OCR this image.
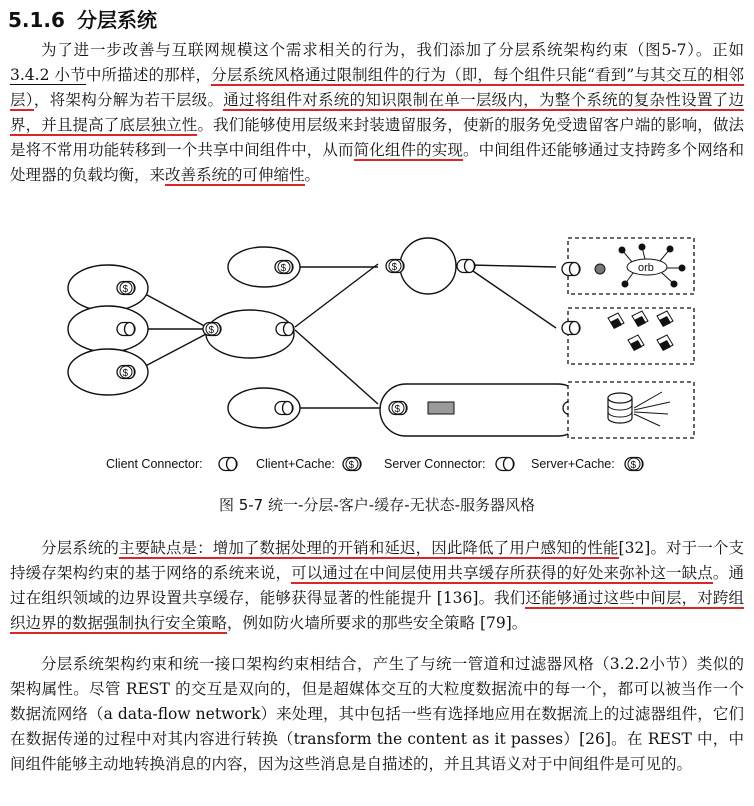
5.1.6 分层系统

为了进一步改善与互联网规模这个需求相关的行为，我们添加了分层系统架构约束（图5-7）。正如 3.4.2 小节中所描述的那样，分层系统风格通过限制组件的行为（即，每个组件只能“看到”与其交互的相邻层），将架构分解为若干层级。通过将组件对系统的知识限制在单一层级内，为整个系统的复杂性设置了边界，并且提高了底层独立性。我们能够使用层级来封装遗留服务，使新的服务免受遗留客户端的影响，做法是将不常用功能转移到一个共享中间组件中，从而简化组件的实现。中间组件还能够通过支持跨多个网络和处理器的负载均衡，来改善系统的可伸缩性。

$
$
$
$
$
$
orb
Client Connector:	Client+Cache: $ Server Connector:	Server+Cache: $
图 5-7 统一-分层-客户-缓存-无状态-服务器风格

分层系统的主要缺点是：增加了数据处理的开销和延迟，因此降低了用户感知的性能[32]。对于一个支持缓存架构约束的基于网络的系统来说，可以通过在中间层使用共享缓存所获得的好处来弥补这一缺点。通过在组织领域的边界设置共享缓存，能够获得显著的性能提升 [136]。我们还能够通过这些中间层，对跨组织边界的数据强制执行安全策略，例如防火墙所要求的那些安全策略 [79]。

分层系统架构约束和统一接口架构约束相结合，产生了与统一管道和过滤器风格（3.2.2小节）类似的架构属性。尽管 REST 的交互是双向的，但是超媒体交互的大粒度数据流中的每一个，都可以被当作一个数据流网络（a data-flow network）来处理，其中包括一些有选择地应用在数据流上的过滤器组件，它们在数据传递的过程中对其内容进行转换（transform the content as it passes）[26]。在 REST 中，中间组件能够主动地转换消息的内容，因为这些消息是自描述的，并且其语义对于中间组件是可见的。
